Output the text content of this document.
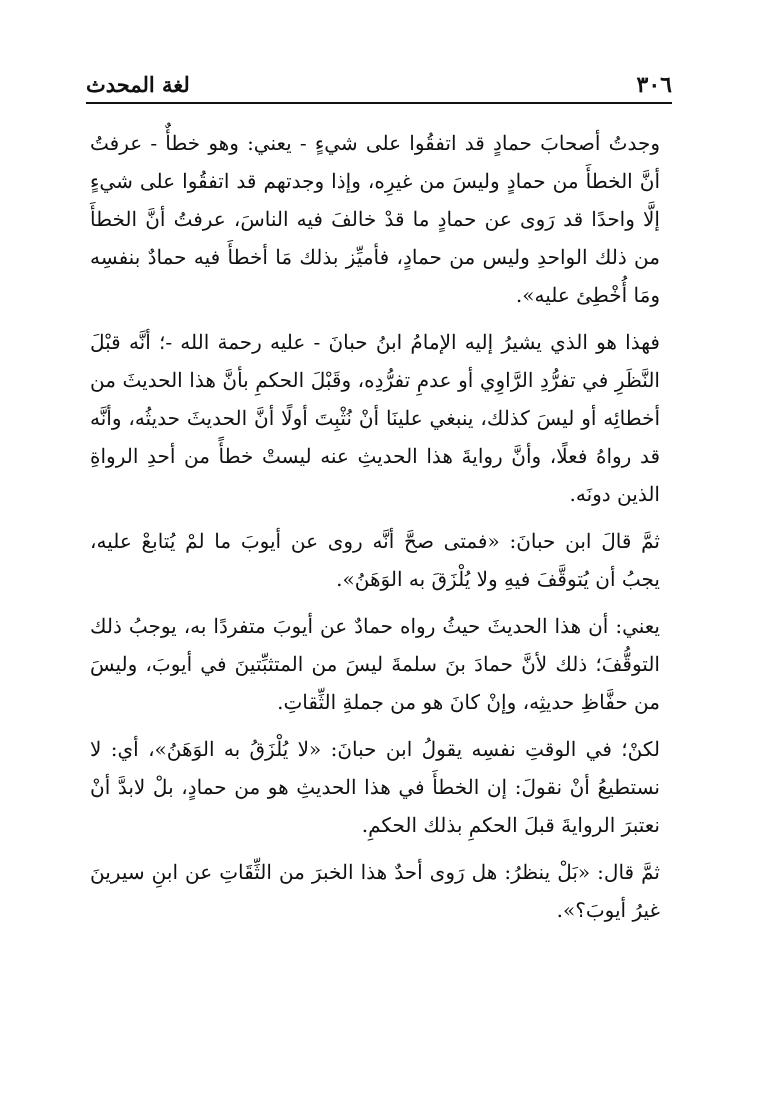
٣٠٦
لغة المحدث

وجدتُ أصحابَ حمادٍ قد اتفقُوا على شيءٍ - يعني: وهو خطأٌ - عرفتُ أنَّ الخطأَ من حمادٍ وليسَ من غيرِه، وإذا وجدتهم قد اتفقُوا على شيءٍ إلَّا واحدًا قد رَوى عن حمادٍ ما قدْ خالفَ فيه الناسَ، عرفتُ أنَّ الخطأَ من ذلك الواحدِ وليس من حمادٍ، فأميِّز بذلك مَا أخطأَ فيه حمادٌ بنفسِه ومَا أُخْطِئ عليه».

فهذا هو الذي يشيرُ إليه الإمامُ ابنُ حبانَ - عليه رحمة الله -؛ أنَّه قبْلَ النَّظَرِ في تفرُّدِ الرَّاوِي أو عدمِ تفرُّدِه، وقَبْلَ الحكمِ بأنَّ هذا الحديثَ من أخطائِه أو ليسَ كذلك، ينبغي علينَا أنْ نُثْبِتَ أولًا أنَّ الحديثَ حديثُه، وأنَّه قد رواهُ فعلًا، وأنَّ روايةَ هذا الحديثِ عنه ليستْ خطأً من أحدِ الرواةِ الذين دونَه.

ثمَّ قالَ ابن حبانَ: «فمتى صحَّ أنَّه روى عن أيوبَ ما لمْ يُتابعْ عليه، يجبُ أن يُتوقَّفَ فيهِ ولا يُلْزَقَ به الوَهَنُ».

يعني: أن هذا الحديثَ حيثُ رواه حمادٌ عن أيوبَ متفردًا به، يوجبُ ذلك التوقُّفَ؛ ذلك لأنَّ حمادَ بنَ سلمةَ ليسَ من المتثبِّتينَ في أيوبَ، وليسَ من حفَّاظِ حديثِه، وإنْ كانَ هو من جملةِ الثِّقاتِ.

لكنْ؛ في الوقتِ نفسِه يقولُ ابن حبانَ: «لا يُلْزَقُ به الوَهَنُ»، أي: لا نستطيعُ أنْ نقولَ: إن الخطأَ في هذا الحديثِ هو من حمادٍ، بلْ لابدَّ أنْ نعتبرَ الروايةَ قبلَ الحكمِ بذلك الحكمِ.

ثمَّ قال: «بَلْ ينظرُ: هل رَوى أحدٌ هذا الخبرَ من الثِّقَاتِ عن ابنِ سيرينَ غيرُ أيوبَ؟».
